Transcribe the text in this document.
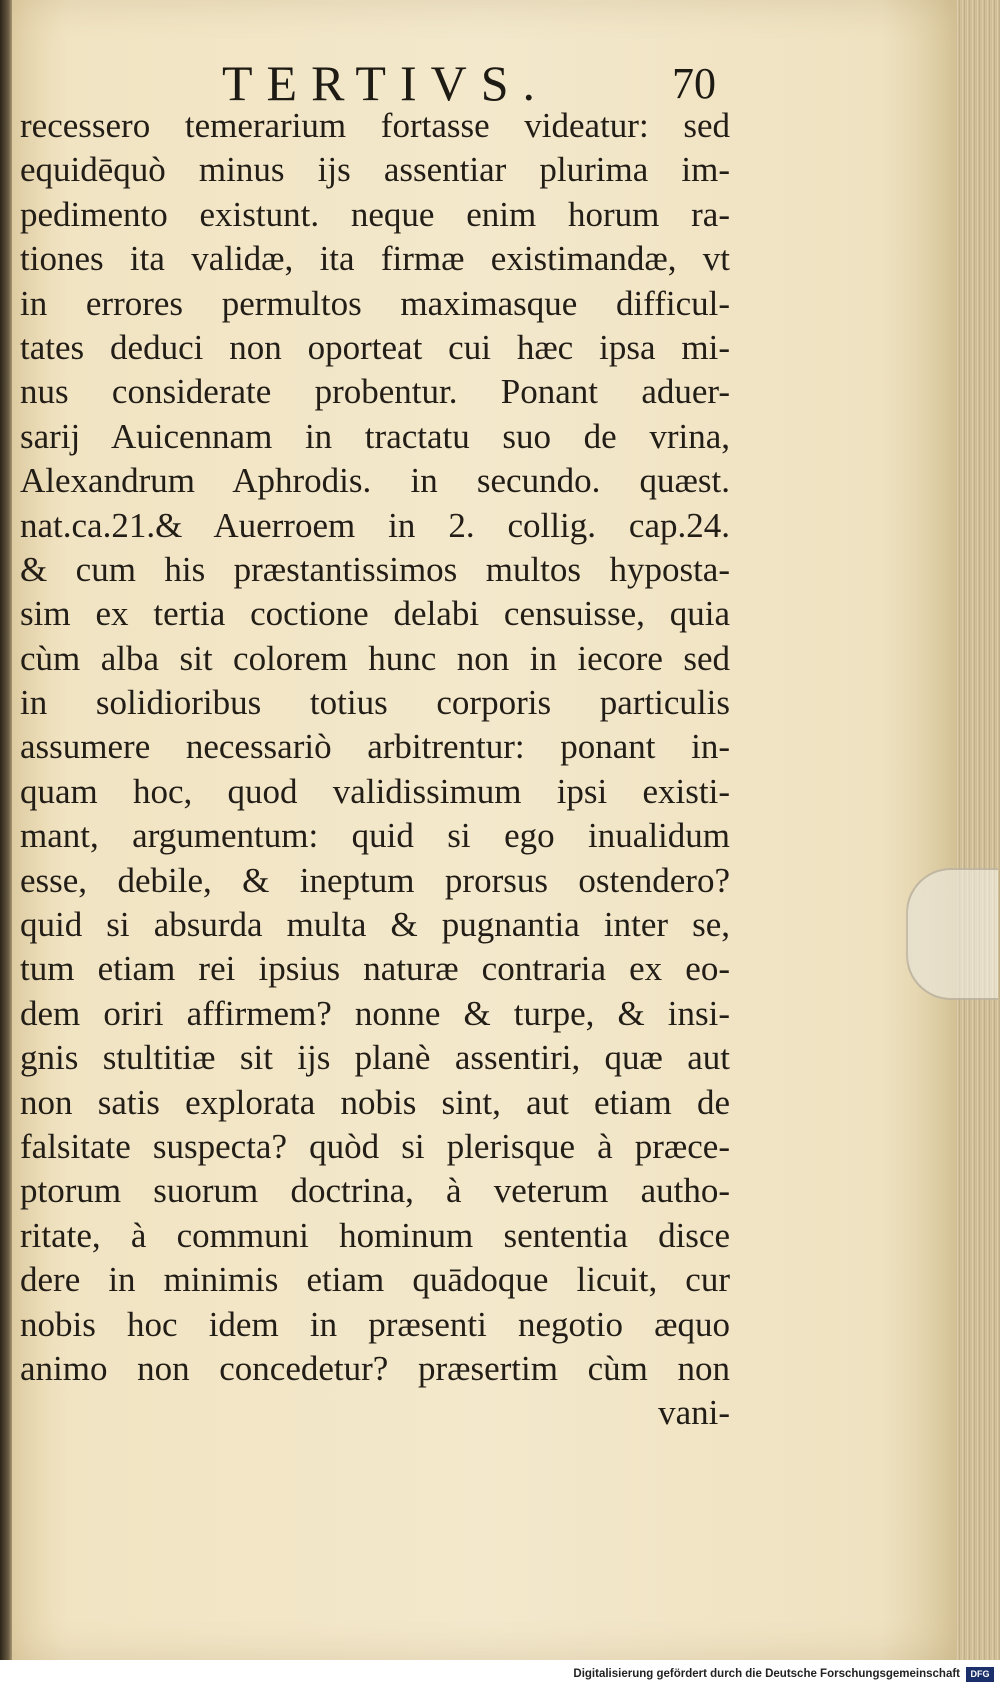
TERTIVS.	70
recessero temerarium fortasse videatur: sed
equidēquò minus ijs assentiar plurima im-
pedimento existunt. neque enim horum ra-
tiones ita validæ, ita firmæ existimandæ, vt
in errores permultos maximasque difficul-
tates deduci non oporteat cui hæc ipsa mi-
nus considerate probentur. Ponant aduer-
sarij Auicennam in tractatu suo de vrina,
Alexandrum Aphrodis. in secundo. quæst.
nat.ca.21.& Auerroem in 2. collig. cap.24.
& cum his præstantissimos multos hyposta-
sim ex tertia coctione delabi censuisse, quia
cùm alba sit colorem hunc non in iecore sed
in solidioribus totius corporis particulis
assumere necessariò arbitrentur: ponant in-
quam hoc, quod validissimum ipsi existi-
mant, argumentum: quid si ego inualidum
esse, debile, & ineptum prorsus ostendero?
quid si absurda multa & pugnantia inter se,
tum etiam rei ipsius naturæ contraria ex eo-
dem oriri affirmem? nonne & turpe, & insi-
gnis stultitiæ sit ijs planè assentiri, quæ aut
non satis explorata nobis sint, aut etiam de
falsitate suspecta? quòd si plerisque à præce-
ptorum suorum doctrina, à veterum autho-
ritate, à communi hominum sententia disce
dere in minimis etiam quādoque licuit, cur
nobis hoc idem in præsenti negotio æquo
animo non concedetur? præsertim cùm non
vani-
Digitalisierung gefördert durch die Deutsche Forschungsgemeinschaft	DFG
